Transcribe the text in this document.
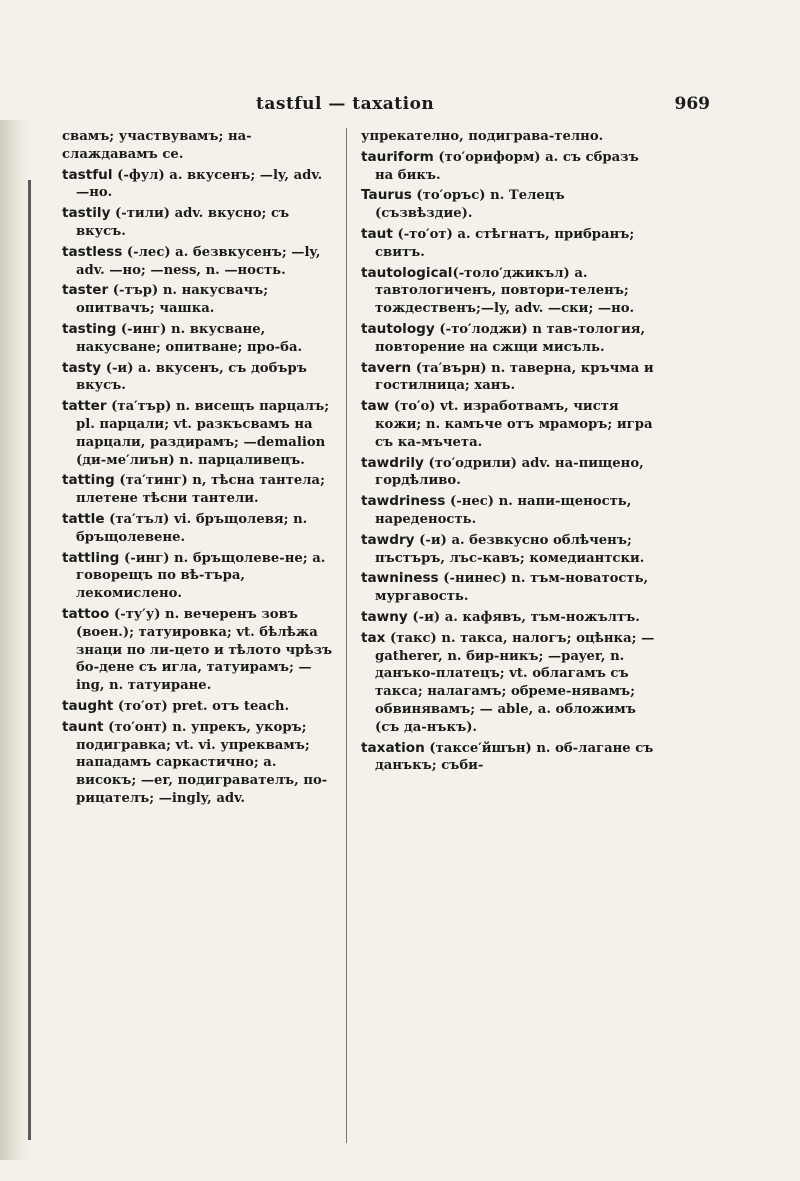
tastful — taxation	969
свамъ; участвувамъ; на-слаждавамъ се.
tastful (-фул) a. вкусенъ; —ly, adv. —но.
tastily (-тили) adv. вкусно; съ вкусъ.
tastless (-лес) a. безвкусенъ; —ly, adv. —но; —ness, n. —ность.
taster (-тър) n. накусвачъ; опитвачъ; чашка.
tasting (-инг) n. вкусване, накусване; опитване; про-ба.
tasty (-и) a. вкусенъ, съ добъръ вкусъ.
tatter (та′тър) n. висещъ парцалъ; pl. парцали; vt. разкъсвамъ на парцали, раздирамъ; —demalion (ди-ме′лиън) n. парцаливецъ.
tatting (та′тинг) n, тѣсна тантела; плетене тѣсни тантели.
tattle (та′тъл) vi. бръщолевя; n. бръщолевене.
tattling (-инг) n. бръщолеве-не; a. говорещъ по вѣ-търа, лекомислено.
tattoo (-ту′у) n. вечеренъ зовъ (воен.); татуировка; vt. бѣлѣжа знаци по ли-цето и тѣлото чрѣзъ бо-дене съ игла, татуирамъ; —ing, n. татуиране.
taught (то′от) pret. отъ teach.
taunt (то′онт) n. упрекъ, укоръ; подигравка; vt. vi. упреквамъ; нападамъ саркастично; a. високъ; —er, подигравателъ, по-рицателъ; —ingly, adv.
упрекателно, подиграва-телно.
tauriform (то′ориформ) a. съ сбразъ на бикъ.
Taurus (то′оръс) n. Телецъ (съзвѣздие).
taut (-то′от) a. стѣгнатъ, прибранъ; свитъ.
tautological(-толо′джикъл) a. тавтологиченъ, повтори-теленъ; тождественъ;—ly, adv. —ски; —но.
tautology (-то′лоджи) n тав-тология, повторение на сжщи мисъль.
tavern (та′върн) n. таверна, кръчма и гостилница; ханъ.
taw (то′о) vt. изработвамъ, чистя кожи; n. камъче отъ мраморъ; игра съ ка-мъчета.
tawdrily (то′одрили) adv. на-пищено, гордѣливо.
tawdriness (-нес) n. напи-щеность, нареденость.
tawdry (-и) a. безвкусно облѣченъ; пъстъръ, лъс-кавъ; комедиантски.
tawniness (-нинес) n. тъм-новатость, мургавость.
tawny (-и) a. кафявъ, тъм-ножълтъ.
tax (такс) n. такса, налогъ; оцѣнка; —gatherer, n. бир-никъ; —payer, n. данъко-платецъ; vt. облагамъ съ такса; налагамъ; обреме-нявамъ; обвинявамъ; — able, a. обложимъ (съ да-нъкъ).
taxation (таксе′йшън) n. об-лагане съ данъкъ; съби-
